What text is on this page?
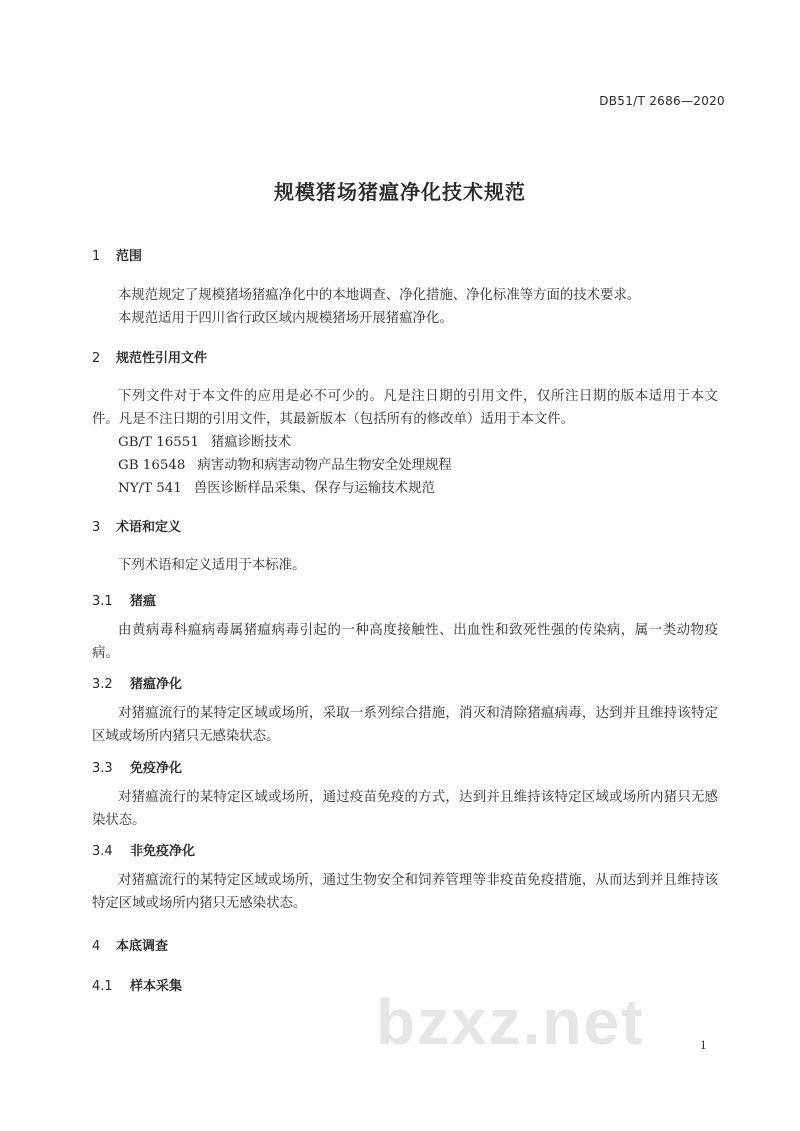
DB51/T 2686—2020
规模猪场猪瘟净化技术规范
1 范围
本规范规定了规模猪场猪瘟净化中的本地调查、净化措施、净化标准等方面的技术要求。
本规范适用于四川省行政区域内规模猪场开展猪瘟净化。
2 规范性引用文件
下列文件对于本文件的应用是必不可少的。凡是注日期的引用文件，仅所注日期的版本适用于本文件。凡是不注日期的引用文件，其最新版本（包括所有的修改单）适用于本文件。
GB/T 16551 猪瘟诊断技术
GB 16548 病害动物和病害动物产品生物安全处理规程
NY/T 541 兽医诊断样品采集、保存与运输技术规范
3 术语和定义
下列术语和定义适用于本标准。
3.1 猪瘟
由黄病毒科瘟病毒属猪瘟病毒引起的一种高度接触性、出血性和致死性强的传染病，属一类动物疫病。
3.2 猪瘟净化
对猪瘟流行的某特定区域或场所，采取一系列综合措施，消灭和清除猪瘟病毒，达到并且维持该特定区域或场所内猪只无感染状态。
3.3 免疫净化
对猪瘟流行的某特定区域或场所，通过疫苗免疫的方式，达到并且维持该特定区域或场所内猪只无感染状态。
3.4 非免疫净化
对猪瘟流行的某特定区域或场所，通过生物安全和饲养管理等非疫苗免疫措施，从而达到并且维持该特定区域或场所内猪只无感染状态。
4 本底调查
4.1 样本采集	bzxz.net	1
